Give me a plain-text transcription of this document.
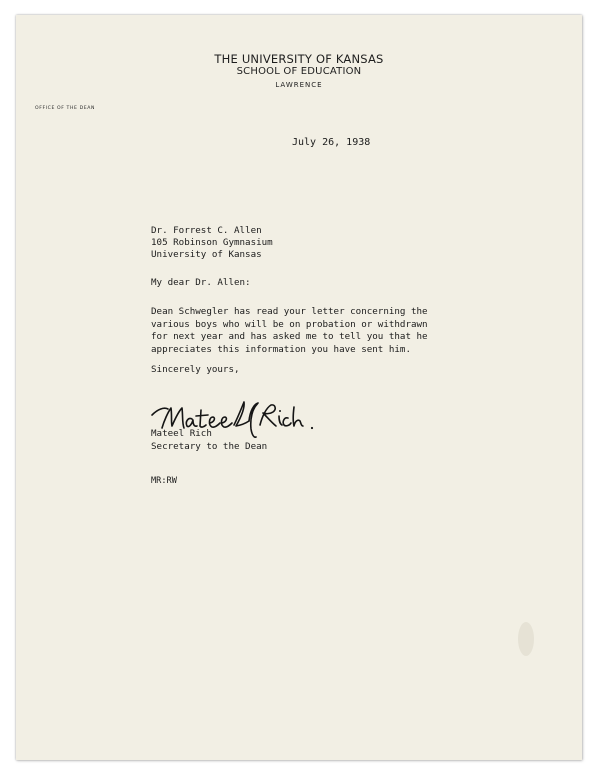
THE UNIVERSITY OF KANSAS
SCHOOL OF EDUCATION
LAWRENCE
OFFICE OF THE DEAN
July 26, 1938
Dr. Forrest C. Allen
105 Robinson Gymnasium
University of Kansas
My dear Dr. Allen:
Dean Schwegler has read your letter concerning the
various boys who will be on probation or withdrawn
for next year and has asked me to tell you that he
appreciates this information you have sent him.
Sincerely yours,
Mateel Rich
Secretary to the Dean
MR:RW
